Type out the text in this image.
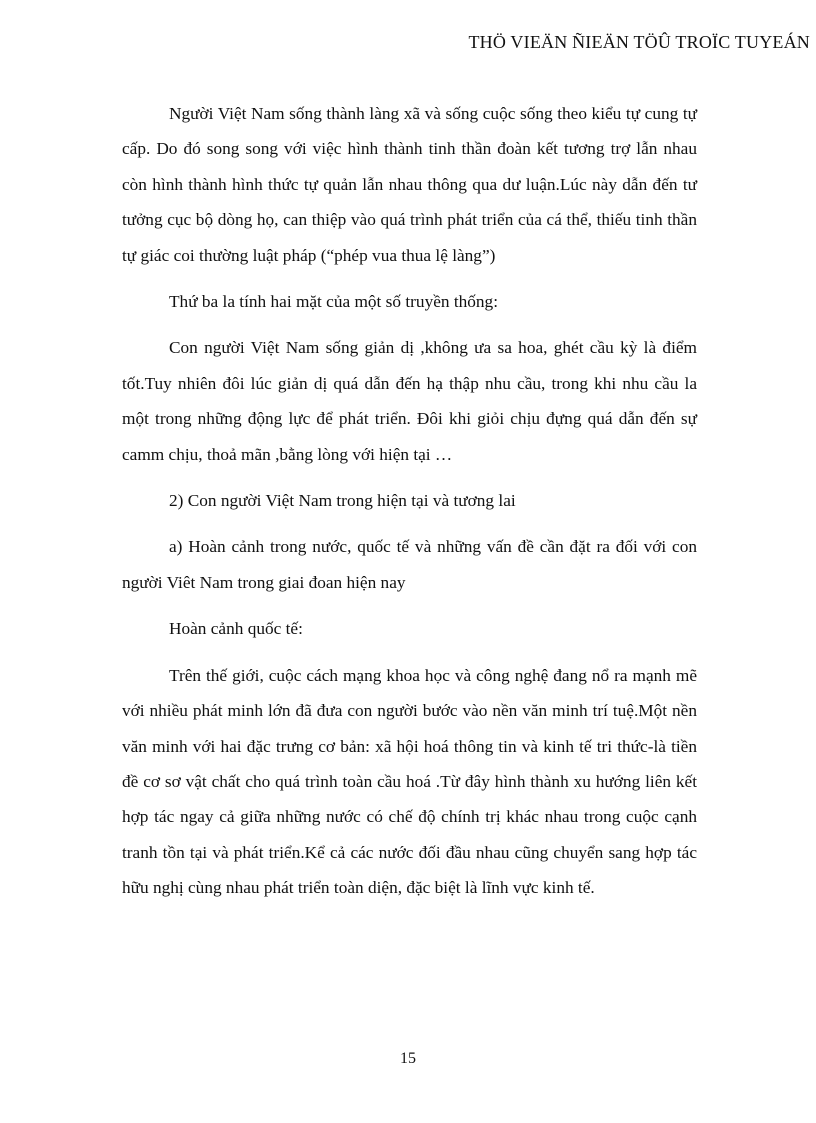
THÖ VIEÄN ÑIEÄN TÖÛ TROÏC TUYEÁN

Người Việt Nam sống thành làng xã và sống cuộc sống theo kiểu tự cung tự cấp. Do đó song song với việc hình thành tinh thần đoàn kết tương trợ lẫn nhau còn hình thành hình thức tự quản lẫn nhau thông qua dư luận.Lúc này dẫn đến tư tưởng cục bộ dòng họ, can thiệp vào quá trình phát triển của cá thể, thiếu tinh thần tự giác coi thường luật pháp (“phép vua thua lệ làng”)

Thứ ba la tính hai mặt của một số truyền thống:

Con người Việt Nam sống giản dị ,không ưa sa hoa, ghét cầu kỳ là điểm tốt.Tuy nhiên đôi lúc giản dị quá dẫn đến hạ thập nhu cầu, trong khi nhu cầu la một trong những động lực để phát triển. Đôi khi giỏi chịu đựng quá dẫn đến sự camm chịu, thoả mãn ,bằng lòng với hiện tại …

2) Con người Việt Nam trong hiện tại và tương lai

a) Hoàn cảnh trong nước, quốc tế và những vấn đề cần đặt ra đối với con người Viêt Nam trong giai đoan hiện nay

Hoàn cảnh quốc tế:

Trên thế giới, cuộc cách mạng khoa học và công nghệ đang nổ ra mạnh mẽ với nhiều phát minh lớn đã đưa con người bước vào nền văn minh trí tuệ.Một nền văn minh với hai đặc trưng cơ bản: xã hội hoá thông tin và kinh tế tri thức-là tiền đề cơ sơ vật chất cho quá trình toàn cầu hoá .Từ đây hình thành xu hướng liên kết hợp tác ngay cả giữa những nước có chế độ chính trị khác nhau trong cuộc cạnh tranh tồn tại và phát triển.Kể cả các nước đối đầu nhau cũng chuyển sang hợp tác hữu nghị cùng nhau phát triển toàn diện, đặc biệt là lĩnh vực kinh tế.

15
